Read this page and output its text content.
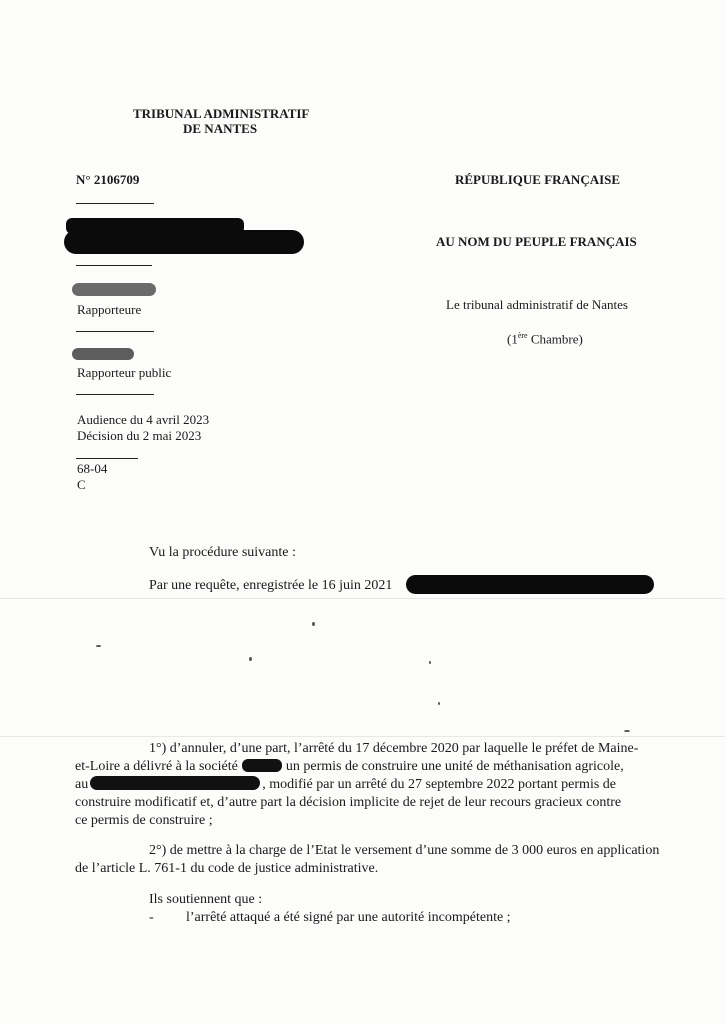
TRIBUNAL ADMINISTRATIF
DE NANTES
N° 2106709	RÉPUBLIQUE FRANÇAISE
AU NOM DU PEUPLE FRANÇAIS
Le tribunal administratif de Nantes
(1ère Chambre)
Rapporteure
Rapporteur public
Audience du 4 avril 2023
Décision du 2 mai 2023
68-04
C
Vu la procédure suivante :
Par une requête, enregistrée le 16 juin 2021
1°) d’annuler, d’une part, l’arrêté du 17 décembre 2020 par laquelle le préfet de Maine-
et-Loire a délivré à la société	un permis de construire une unité de méthanisation agricole,
au	, modifié par un arrêté du 27 septembre 2022 portant permis de
construire modificatif et, d’autre part la décision implicite de rejet de leur recours gracieux contre
ce permis de construire ;
2°) de mettre à la charge de l’Etat le versement d’une somme de 3 000 euros en application
de l’article L. 761-1 du code de justice administrative.
Ils soutiennent que :
- l’arrêté attaqué a été signé par une autorité incompétente ;
